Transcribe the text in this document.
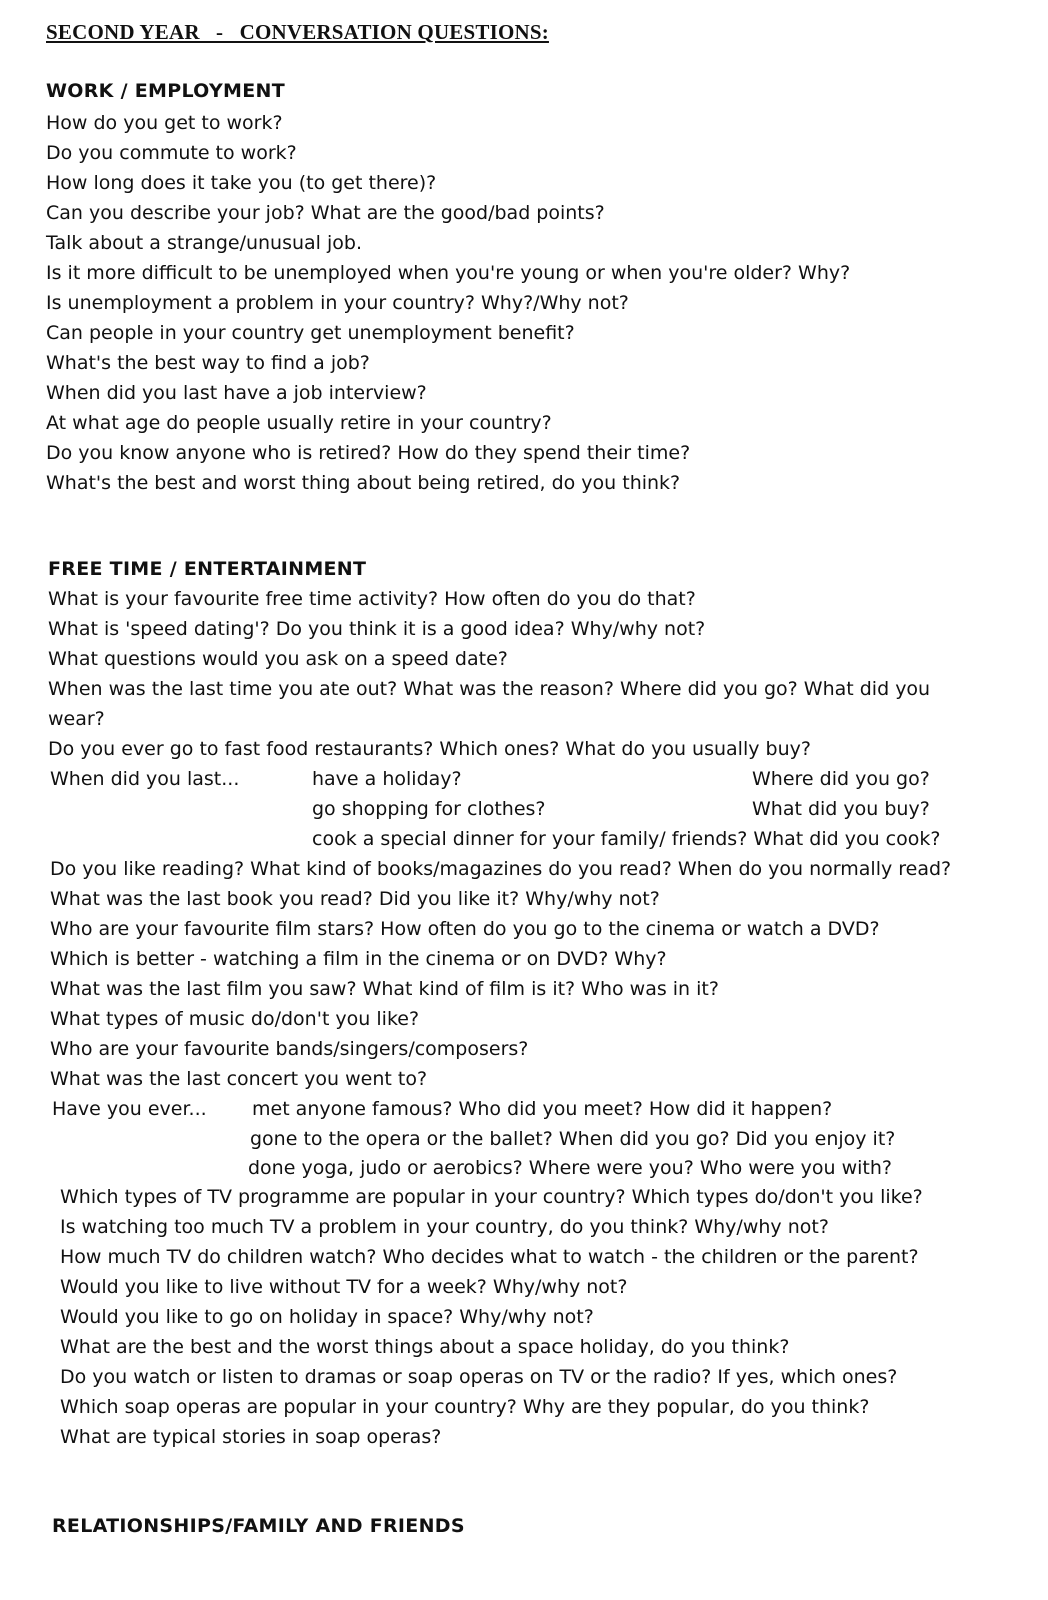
SECOND YEAR   -   CONVERSATION QUESTIONS:
WORK / EMPLOYMENT
How do you get to work?
Do you commute to work?
How long does it take you (to get there)?
Can you describe your job? What are the good/bad points?
Talk about a strange/unusual job.
Is it more difficult to be unemployed when you're young or when you're older? Why?
Is unemployment a problem in your country? Why?/Why not?
Can people in your country get unemployment benefit?
What's the best way to find a job?
When did you last have a job interview?
At what age do people usually retire in your country?
Do you know anyone who is retired? How do they spend their time?
What's the best and worst thing about being retired, do you think?
FREE TIME / ENTERTAINMENT
What is your favourite free time activity? How often do you do that?
What is 'speed dating'? Do you think it is a good idea? Why/why not?
What questions would you ask on a speed date?
When was the last time you ate out? What was the reason? Where did you go? What did you
wear?
Do you ever go to fast food restaurants? Which ones? What do you usually buy?
When did you last...	have a holiday?	Where did you go?
go shopping for clothes?	What did you buy?
cook a special dinner for your family/ friends? What did you cook?
Do you like reading? What kind of books/magazines do you read? When do you normally read?
What was the last book you read? Did you like it? Why/why not?
Who are your favourite film stars? How often do you go to the cinema or watch a DVD?
Which is better - watching a film in the cinema or on DVD? Why?
What was the last film you saw? What kind of film is it? Who was in it?
What types of music do/don't you like?
Who are your favourite bands/singers/composers?
What was the last concert you went to?
Have you ever... met anyone famous? Who did you meet? How did it happen?
gone to the opera or the ballet? When did you go? Did you enjoy it?
done yoga, judo or aerobics? Where were you? Who were you with?
Which types of TV programme are popular in your country? Which types do/don't you like?
Is watching too much TV a problem in your country, do you think? Why/why not?
How much TV do children watch? Who decides what to watch - the children or the parent?
Would you like to live without TV for a week? Why/why not?
Would you like to go on holiday in space? Why/why not?
What are the best and the worst things about a space holiday, do you think?
Do you watch or listen to dramas or soap operas on TV or the radio? If yes, which ones?
Which soap operas are popular in your country? Why are they popular, do you think?
What are typical stories in soap operas?
RELATIONSHIPS/FAMILY AND FRIENDS
